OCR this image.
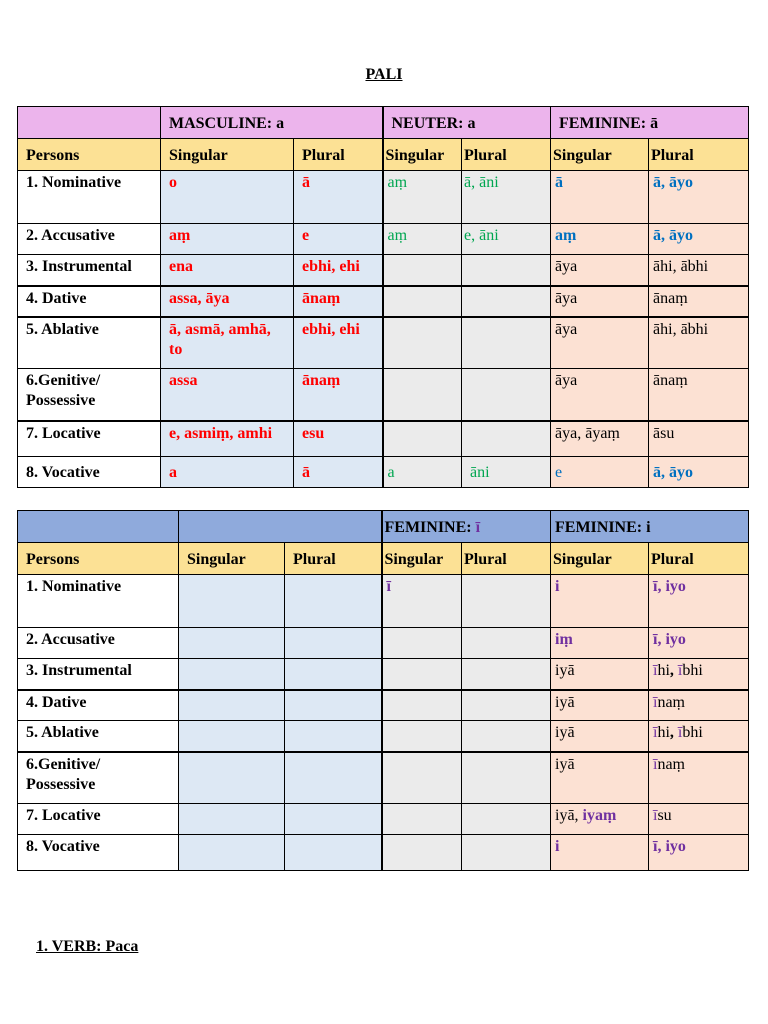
PALI
	MASCULINE: a		NEUTER: a		FEMININE: ā	
Persons	Singular	Plural	Singular	Plural	Singular	Plural
1. Nominative	o	ā	aṃ	ā, āni	ā	ā, āyo
2. Accusative	aṃ	e	aṃ	e, āni	aṃ	ā, āyo
3. Instrumental	ena	ebhi, ehi			āya	āhi, ābhi
4. Dative	assa, āya	ānaṃ			āya	ānaṃ
5. Ablative	ā, asmā, amhā, to	ebhi, ehi			āya	āhi, ābhi
6.Genitive/ Possessive	assa	ānaṃ			āya	ānaṃ
7. Locative	e, asmiṃ, amhi	esu			āya, āyaṃ	āsu
8. Vocative	a	ā	a	āni	e	ā, āyo
			FEMININE: ī		FEMININE: i	
Persons	Singular	Plural	Singular	Plural	Singular	Plural
1. Nominative			ī		i	ī, iyo
2. Accusative					iṃ	ī, iyo
3. Instrumental					iyā	īhi, ībhi
4. Dative					iyā	īnaṃ
5. Ablative					iyā	īhi, ībhi
6.Genitive/ Possessive					iyā	īnaṃ
7. Locative					iyā, iyaṃ	īsu
8. Vocative					i	ī, iyo
1. VERB: Paca
